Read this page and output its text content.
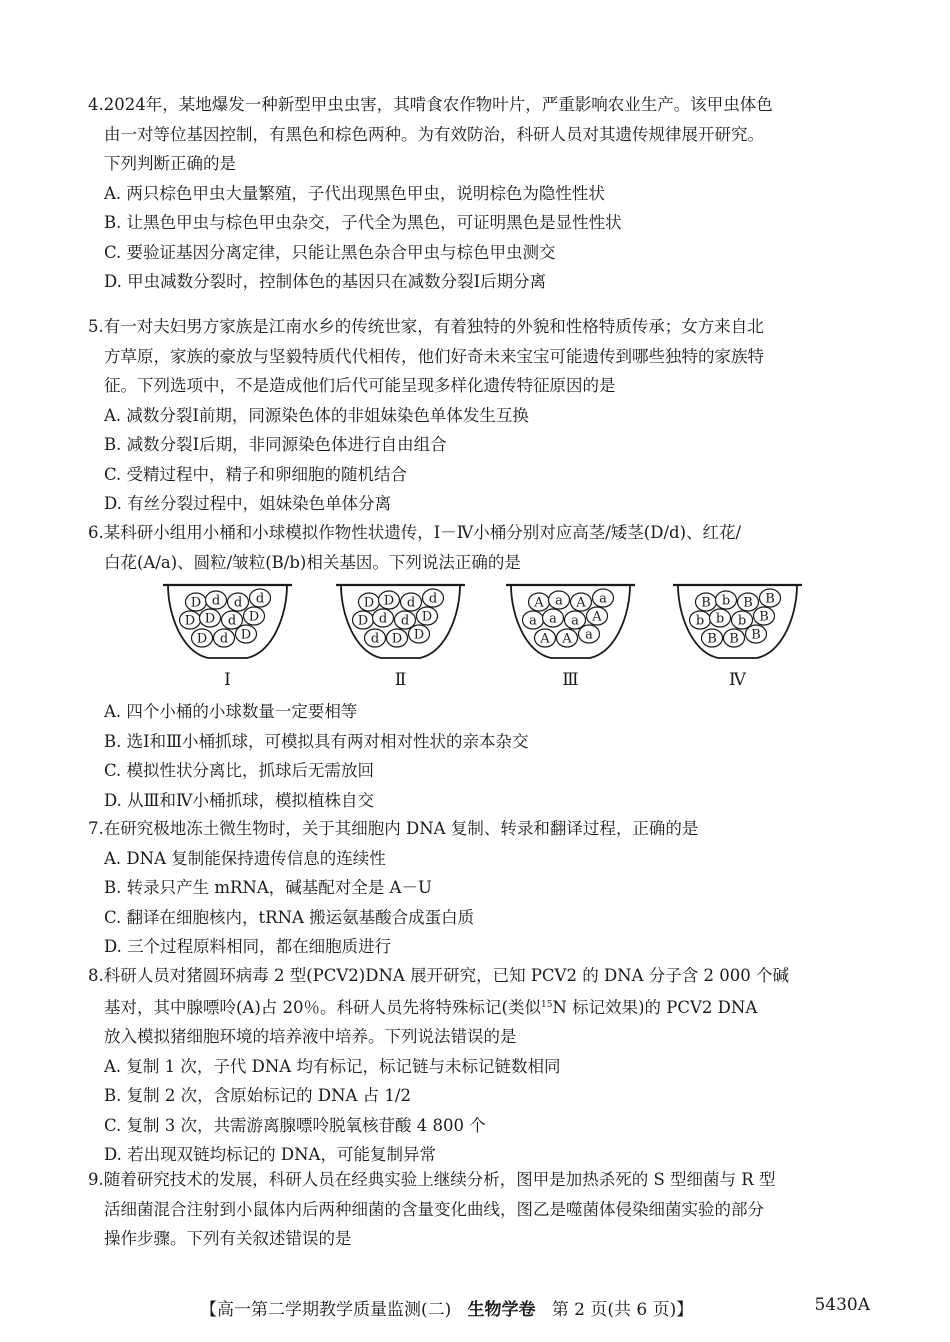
4.2024年，某地爆发一种新型甲虫虫害，其啃食农作物叶片，严重影响农业生产。该甲虫体色
由一对等位基因控制，有黑色和棕色两种。为有效防治，科研人员对其遗传规律展开研究。
下列判断正确的是
A. 两只棕色甲虫大量繁殖，子代出现黑色甲虫，说明棕色为隐性性状
B. 让黑色甲虫与棕色甲虫杂交，子代全为黑色，可证明黑色是显性性状
C. 要验证基因分离定律，只能让黑色杂合甲虫与棕色甲虫测交
D. 甲虫减数分裂时，控制体色的基因只在减数分裂Ⅰ后期分离
5.有一对夫妇男方家族是江南水乡的传统世家，有着独特的外貌和性格特质传承；女方来自北
方草原，家族的豪放与坚毅特质代代相传，他们好奇未来宝宝可能遗传到哪些独特的家族特
征。下列选项中，不是造成他们后代可能呈现多样化遗传特征原因的是
A. 减数分裂Ⅰ前期，同源染色体的非姐妹染色单体发生互换
B. 减数分裂Ⅰ后期，非同源染色体进行自由组合
C. 受精过程中，精子和卵细胞的随机结合
D. 有丝分裂过程中，姐妹染色单体分离
6.某科研小组用小桶和小球模拟作物性状遗传，Ⅰ－Ⅳ小桶分别对应高茎/矮茎(D/d)、红花/
白花(A/a)、圆粒/皱粒(B/b)相关基因。下列说法正确的是
D d d d
D D d D
D d D
Ⅰ
D D d d
D d d D
d D D
Ⅱ
A a A a
a a a A
A A a
Ⅲ
B b B B
b b b B
B B B
Ⅳ
A. 四个小桶的小球数量一定要相等
B. 选Ⅰ和Ⅲ小桶抓球，可模拟具有两对相对性状的亲本杂交
C. 模拟性状分离比，抓球后无需放回
D. 从Ⅲ和Ⅳ小桶抓球，模拟植株自交
7.在研究极地冻土微生物时，关于其细胞内 DNA 复制、转录和翻译过程，正确的是
A. DNA 复制能保持遗传信息的连续性
B. 转录只产生 mRNA，碱基配对全是 A－U
C. 翻译在细胞核内，tRNA 搬运氨基酸合成蛋白质
D. 三个过程原料相同，都在细胞质进行
8.科研人员对猪圆环病毒 2 型(PCV2)DNA 展开研究，已知 PCV2 的 DNA 分子含 2 000 个碱
基对，其中腺嘌呤(A)占 20％。科研人员先将特殊标记(类似$^{15}$N 标记效果)的 PCV2 DNA
放入模拟猪细胞环境的培养液中培养。下列说法错误的是
A. 复制 1 次，子代 DNA 均有标记，标记链与未标记链数相同
B. 复制 2 次，含原始标记的 DNA 占 1/2
C. 复制 3 次，共需游离腺嘌呤脱氧核苷酸 4 800 个
D. 若出现双链均标记的 DNA，可能复制异常
9.随着研究技术的发展，科研人员在经典实验上继续分析，图甲是加热杀死的 S 型细菌与 R 型
活细菌混合注射到小鼠体内后两种细菌的含量变化曲线，图乙是噬菌体侵染细菌实验的部分
操作步骤。下列有关叙述错误的是
【高一第二学期教学质量监测(二) 生物学卷 第 2 页(共 6 页)】	5430A
